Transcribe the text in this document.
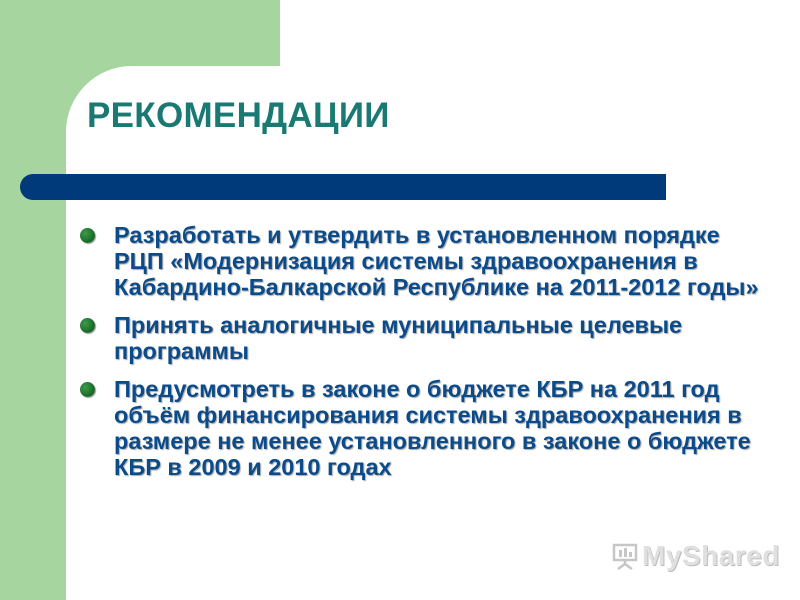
РЕКОМЕНДАЦИИ
Разработать и утвердить в установленном порядке РЦП «Модернизация системы здравоохранения в Кабардино-Балкарской Республике на 2011-2012 годы»
Принять аналогичные муниципальные целевые программы
Предусмотреть в законе о бюджете КБР на 2011 год объём финансирования системы здравоохранения в размере не менее установленного в законе о бюджете КБР в 2009 и 2010 годах
MyShared
